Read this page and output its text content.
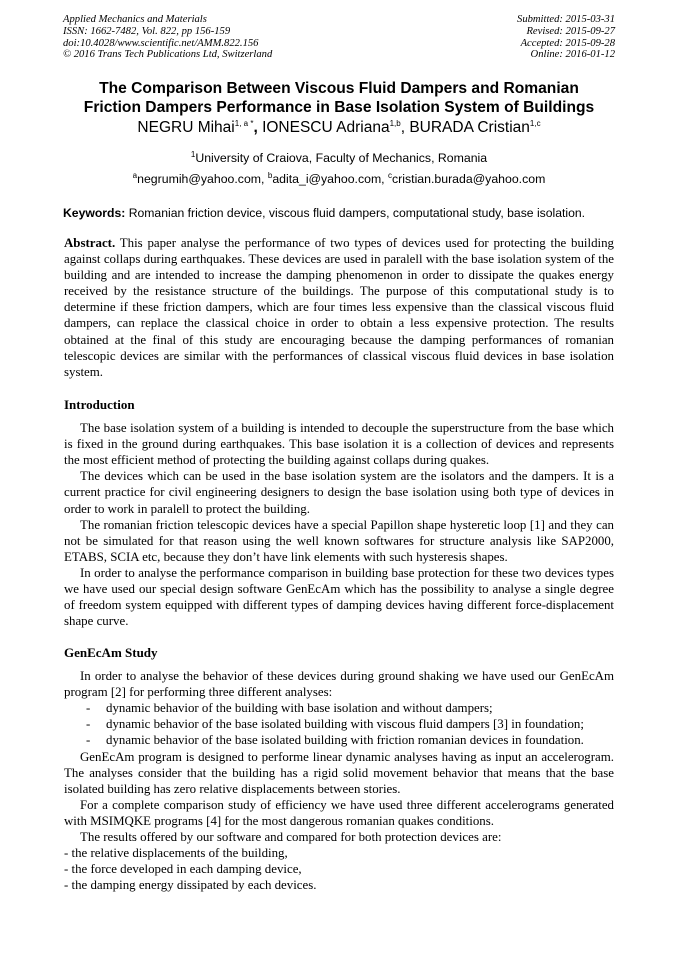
Applied Mechanics and Materials
ISSN: 1662-7482, Vol. 822, pp 156-159
doi:10.4028/www.scientific.net/AMM.822.156
© 2016 Trans Tech Publications Ltd, Switzerland
Submitted: 2015-03-31
Revised: 2015-09-27
Accepted: 2015-09-28
Online: 2016-01-12
The Comparison Between Viscous Fluid Dampers and Romanian
Friction Dampers Performance in Base Isolation System of Buildings
NEGRU Mihai$^{1, a *}$, IONESCU Adriana$^{1,b}$, BURADA Cristian$^{1,c}$
$^1$University of Craiova, Faculty of Mechanics, Romania
$^a$negrumih@yahoo.com, $^b$adita_i@yahoo.com, $^c$cristian.burada@yahoo.com
Keywords: Romanian friction device, viscous fluid dampers, computational study, base isolation.

Abstract. This paper analyse the performance of two types of devices used for protecting the building against collaps during earthquakes. These devices are used in paralell with the base isolation system of the building and are intended to increase the damping phenomenon in order to dissipate the quakes energy received by the resistance structure of the buildings. The purpose of this computational study is to determine if these friction dampers, which are four times less expensive than the classical viscous fluid dampers, can replace the classical choice in order to obtain a less expensive protection. The results obtained at the final of this study are encouraging because the damping performances of romanian telescopic devices are similar with the performances of classical viscous fluid devices in base isolation system.

Introduction

The base isolation system of a building is intended to decouple the superstructure from the base which is fixed in the ground during earthquakes. This base isolation it is a collection of devices and represents the most efficient method of protecting the building against collaps during quakes.

The devices which can be used in the base isolation system are the isolators and the dampers. It is a current practice for civil engineering designers to design the base isolation using both type of devices in order to work in paralell to protect the building.

The romanian friction telescopic devices have a special Papillon shape hysteretic loop [1] and they can not be simulated for that reason using the well known softwares for structure analysis like SAP2000, ETABS, SCIA etc, because they don’t have link elements with such hysteresis shapes.

In order to analyse the performance comparison in building base protection for these two devices types we have used our special design software GenEcAm which has the possibility to analyse a single degree of freedom system equipped with different types of damping devices having different force-displacement shape curve.

GenEcAm Study

In order to analyse the behavior of these devices during ground shaking we have used our GenEcAm program [2] for performing three different analyses:

- dynamic behavior of the building with base isolation and without dampers;
- dynamic behavior of the base isolated building with viscous fluid dampers [3] in foundation;
- dynamic behavior of the base isolated building with friction romanian devices in foundation.

GenEcAm program is designed to performe linear dynamic analyses having as input an accelerogram. The analyses consider that the building has a rigid solid movement behavior that means that the base isolated building has zero relative displacements between stories.

For a complete comparison study of efficiency we have used three different accelerograms generated with MSIMQKE programs [4] for the most dangerous romanian quakes conditions.

The results offered by our software and compared for both protection devices are:

- the relative displacements of the building,
- the force developed in each damping device,
- the damping energy dissipated by each devices.
